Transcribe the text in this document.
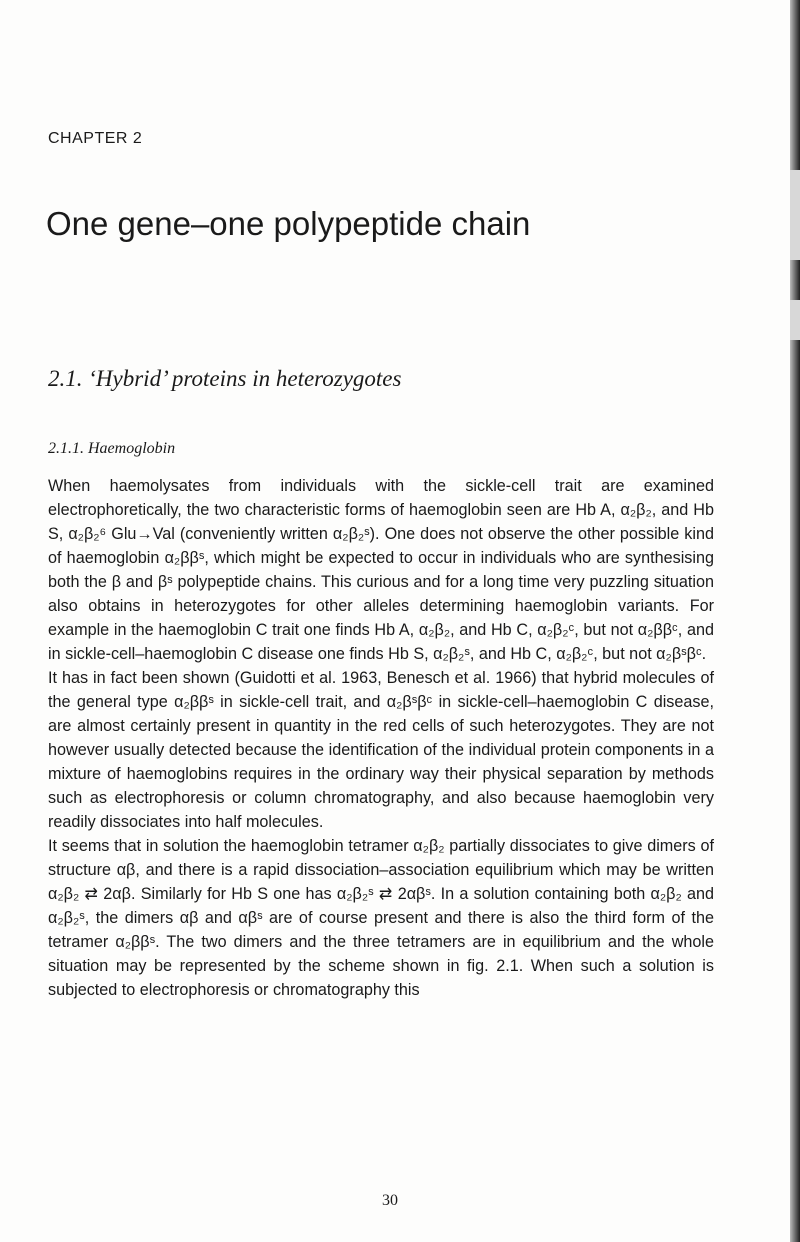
CHAPTER 2
One gene–one polypeptide chain
2.1. ‘Hybrid’ proteins in heterozygotes
2.1.1. Haemoglobin

When haemolysates from individuals with the sickle-cell trait are examined electrophoretically, the two characteristic forms of haemoglobin seen are Hb A, α₂β₂, and Hb S, α₂β₂⁶ Glu→Val (conveniently written α₂β₂ˢ). One does not observe the other possible kind of haemoglobin α₂ββˢ, which might be expected to occur in individuals who are synthesising both the β and βˢ polypeptide chains. This curious and for a long time very puzzling situation also obtains in heterozygotes for other alleles determining haemoglobin variants. For example in the haemoglobin C trait one finds Hb A, α₂β₂, and Hb C, α₂β₂ᶜ, but not α₂ββᶜ, and in sickle-cell–haemoglobin C disease one finds Hb S, α₂β₂ˢ, and Hb C, α₂β₂ᶜ, but not α₂βˢβᶜ.

It has in fact been shown (Guidotti et al. 1963, Benesch et al. 1966) that hybrid molecules of the general type α₂ββˢ in sickle-cell trait, and α₂βˢβᶜ in sickle-cell–haemoglobin C disease, are almost certainly present in quantity in the red cells of such heterozygotes. They are not however usually detected because the identification of the individual protein components in a mixture of haemoglobins requires in the ordinary way their physical separation by methods such as electrophoresis or column chromatography, and also because haemoglobin very readily dissociates into half molecules.

It seems that in solution the haemoglobin tetramer α₂β₂ partially dissociates to give dimers of structure αβ, and there is a rapid dissociation–association equilibrium which may be written α₂β₂ ⇄ 2αβ. Similarly for Hb S one has α₂β₂ˢ ⇄ 2αβˢ. In a solution containing both α₂β₂ and α₂β₂ˢ, the dimers αβ and αβˢ are of course present and there is also the third form of the tetramer α₂ββˢ. The two dimers and the three tetramers are in equilibrium and the whole situation may be represented by the scheme shown in fig. 2.1. When such a solution is subjected to electrophoresis or chromatography this

30
